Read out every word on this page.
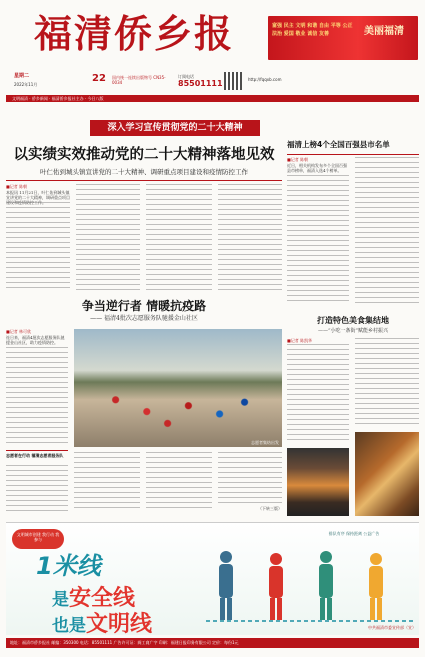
福清侨乡报	富强 民主 文明 和谐 自由 平等 公正 法治 爱国 敬业 诚信 友善	美丽福清
22
星期二
2022年11月
国内统一连续出版物号 CN35-0034
订阅电话
85501111	http://fqqxb.com
文明福清 · 侨乡新闻 · 福清侨乡报社主办 · 今日八版
深入学习宣传贯彻党的二十大精神
福清上榜4个全国百强县市名单
■记者 陈朝
近日，相关机构发布多个全国百强县市榜单，福清入选4个榜单。
以实绩实效推动党的二十大精神落地见效
叶仁佑到城头镇宣讲党的二十大精神、调研重点项目建设和疫情防控工作
■记者 陈朝
本报讯 11月21日，叶仁佑到城头镇宣讲党的二十大精神，调研重点项目建设和疫情防控工作。
争当逆行者 情暖抗疫路
—— 福清4批次志愿服务队驰援金山社区
■记者 林可欣
连日来，福清4批次志愿服务队驰援金山社区，助力疫情防控。
志愿者集结出发
志愿者在行动 福清志愿者服务队
（下转三版）
打造特色美食集结地
——“小吃一条街”赋能乡村振兴
■记者 陈凯华
文明城市创建 我行动 我参与
1米线
是安全线
也是文明线
排队有序 保持距离 公益广告
中共福清市委宣传部（宣）
地址：福清市侨乡报社 邮编：350300 电话：85501111 广告许可证：闽工商广字 印刷：福建日报印务有限公司 定价：每份1元
